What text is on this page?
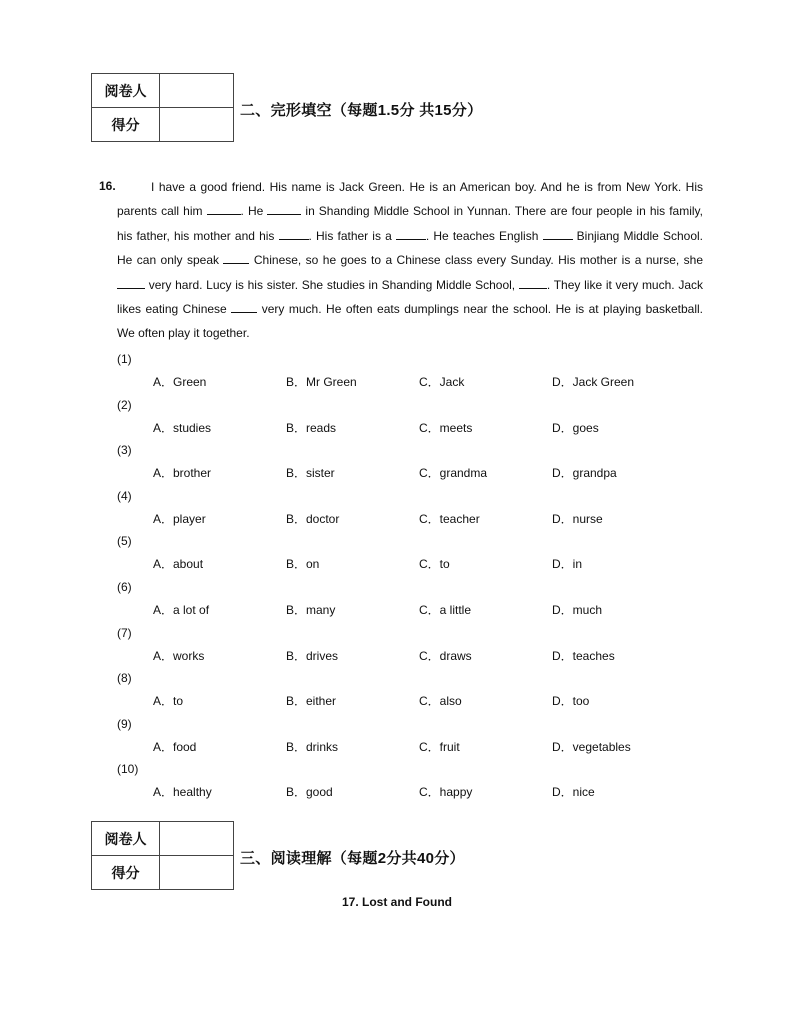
阅卷人	
得分	
二、完形填空（每题1.5分 共15分）
16.	I have a good friend. His name is Jack Green. He is an American boy. And he is from New York. His parents call him	. He	in Shanding Middle School in Yunnan. There are four people in his family, his father, his mother and his	. His father is a	. He teaches English	Binjiang Middle School. He can only speak  Chinese, so he goes to a Chinese class every Sunday. His mother is a nurse, she  very hard. Lucy is his sister. She studies in Shanding Middle School, . They like it very much. Jack likes eating Chinese  very much. He often eats dumplings near the school. He is at playing basketball. We often play it together.
(1)
A．Green	B．Mr Green	C．Jack	D．Jack Green
(2)
A．studies	B．reads	C．meets	D．goes
(3)
A．brother	B．sister	C．grandma	D．grandpa
(4)
A．player	B．doctor	C．teacher	D．nurse
(5)
A．about	B．on	C．to	D．in
(6)
A．a lot of	B．many	C．a little	D．much
(7)
A．works	B．drives	C．draws	D．teaches
(8)
A．to	B．either	C．also	D．too
(9)
A．food	B．drinks	C．fruit	D．vegetables
(10)
A．healthy	B．good	C．happy	D．nice
阅卷人	
得分	
三、阅读理解（每题2分共40分）
17. Lost and Found
